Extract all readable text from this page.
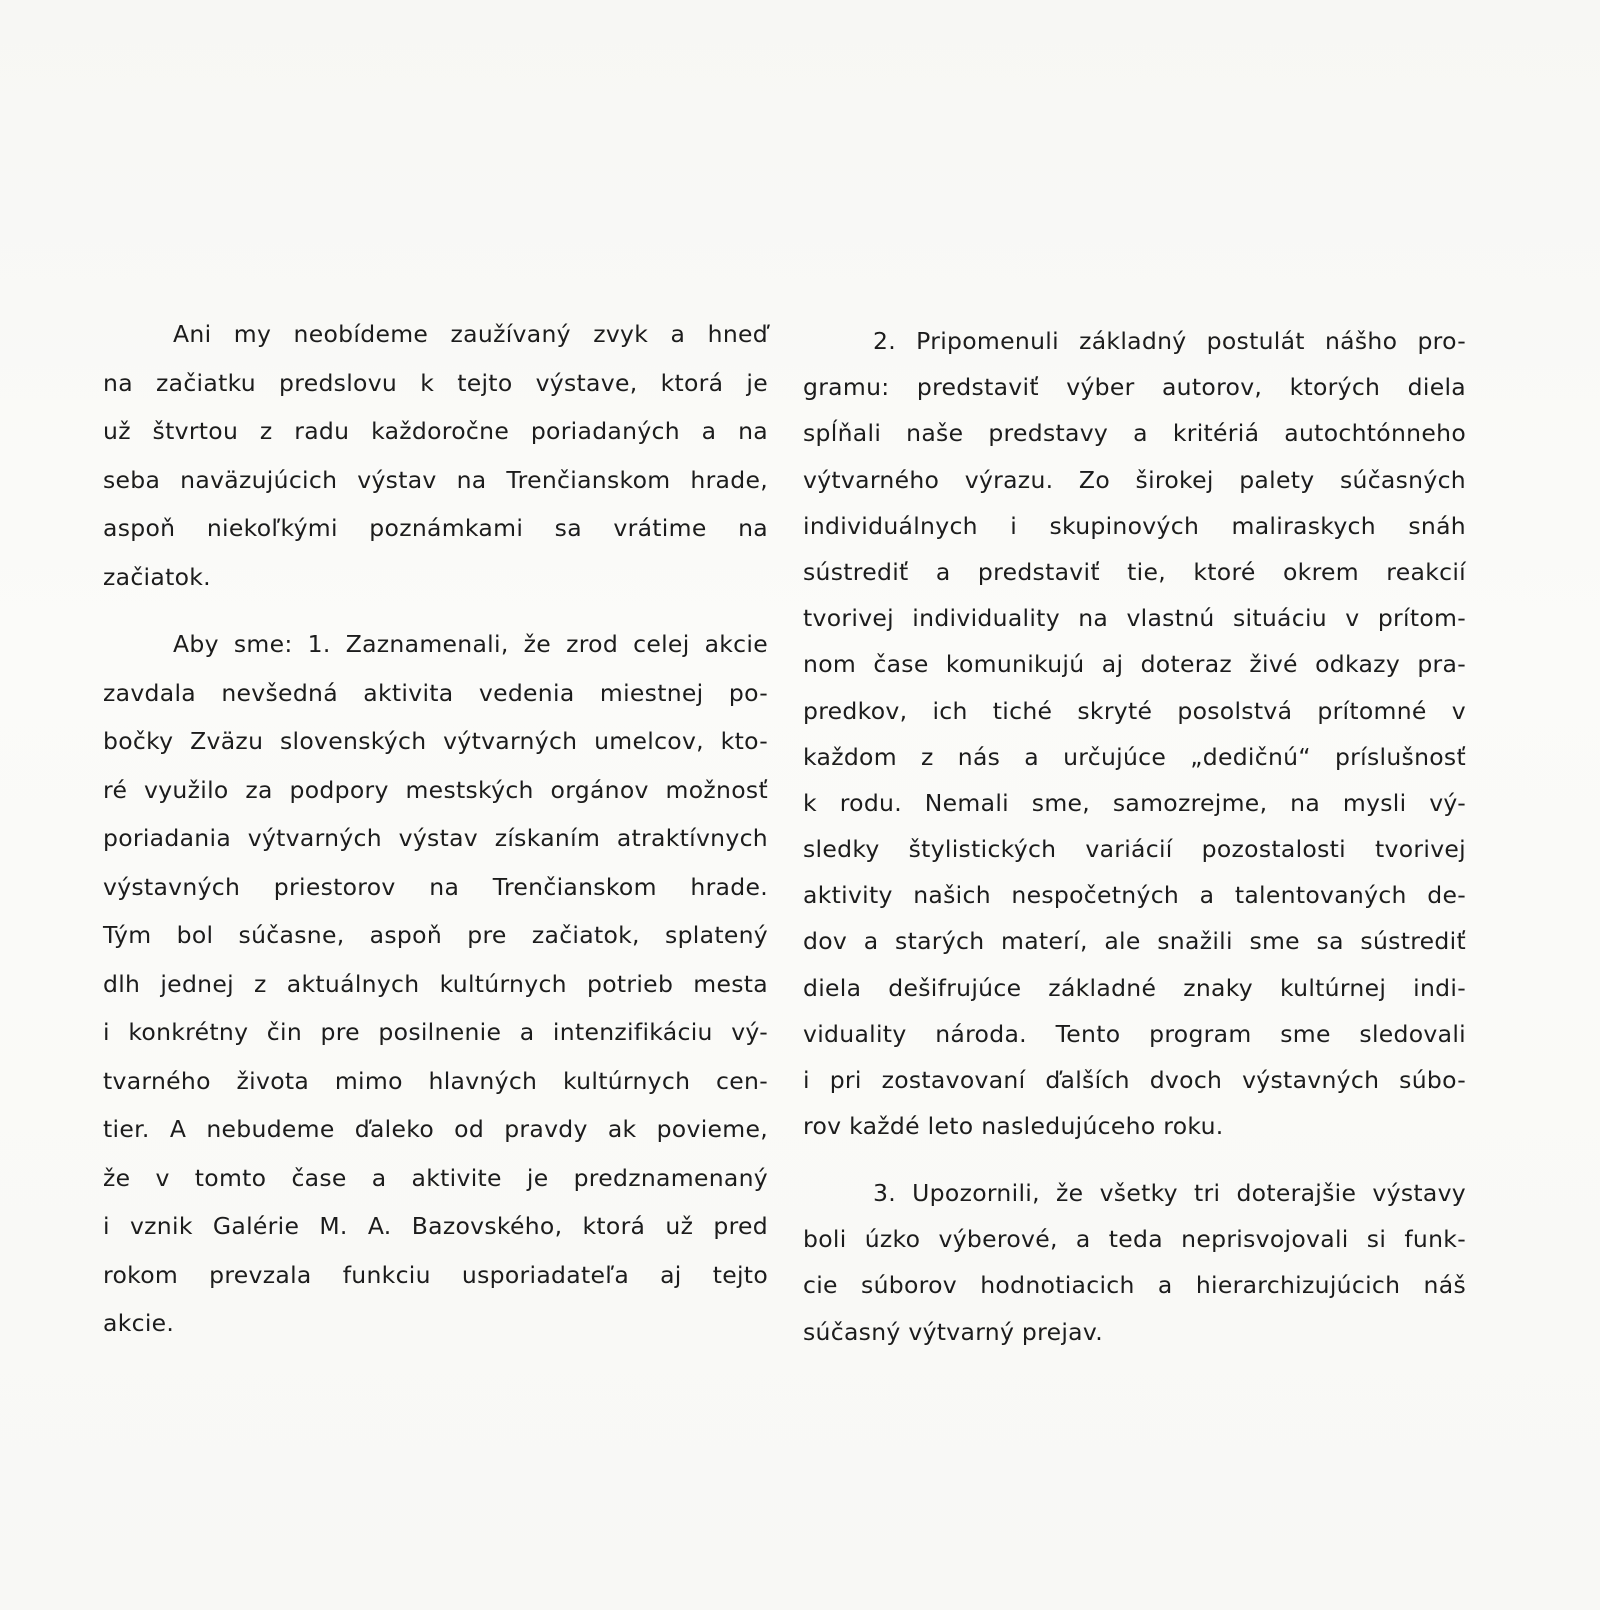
Ani my neobídeme zaužívaný zvyk a hneď
na začiatku predslovu k tejto výstave, ktorá je
už štvrtou z radu každoročne poriadaných a na
seba naväzujúcich výstav na Trenčianskom hrade,
aspoň niekoľkými poznámkami sa vrátime na
začiatok.
Aby sme: 1. Zaznamenali, že zrod celej akcie
zavdala nevšedná aktivita vedenia miestnej po-
bočky Zväzu slovenských výtvarných umelcov, kto-
ré využilo za podpory mestských orgánov možnosť
poriadania výtvarných výstav získaním atraktívnych
výstavných priestorov na Trenčianskom hrade.
Tým bol súčasne, aspoň pre začiatok, splatený
dlh jednej z aktuálnych kultúrnych potrieb mesta
i konkrétny čin pre posilnenie a intenzifikáciu vý-
tvarného života mimo hlavných kultúrnych cen-
tier. A nebudeme ďaleko od pravdy ak povieme,
že v tomto čase a aktivite je predznamenaný
i vznik Galérie M. A. Bazovského, ktorá už pred
rokom prevzala funkciu usporiadateľa aj tejto
akcie.
2. Pripomenuli základný postulát nášho pro-
gramu: predstaviť výber autorov, ktorých diela
spĺňali naše predstavy a kritériá autochtónneho
výtvarného výrazu. Zo širokej palety súčasných
individuálnych i skupinových maliraskych snáh
sústrediť a predstaviť tie, ktoré okrem reakcií
tvorivej individuality na vlastnú situáciu v prítom-
nom čase komunikujú aj doteraz živé odkazy pra-
predkov, ich tiché skryté posolstvá prítomné v
každom z nás a určujúce „dedičnú“ príslušnosť
k rodu. Nemali sme, samozrejme, na mysli vý-
sledky štylistických variácií pozostalosti tvorivej
aktivity našich nespočetných a talentovaných de-
dov a starých materí, ale snažili sme sa sústrediť
diela dešifrujúce základné znaky kultúrnej indi-
viduality národa. Tento program sme sledovali
i pri zostavovaní ďalších dvoch výstavných súbo-
rov každé leto nasledujúceho roku.
3. Upozornili, že všetky tri doterajšie výstavy
boli úzko výberové, a teda neprisvojovali si funk-
cie súborov hodnotiacich a hierarchizujúcich náš
súčasný výtvarný prejav.
